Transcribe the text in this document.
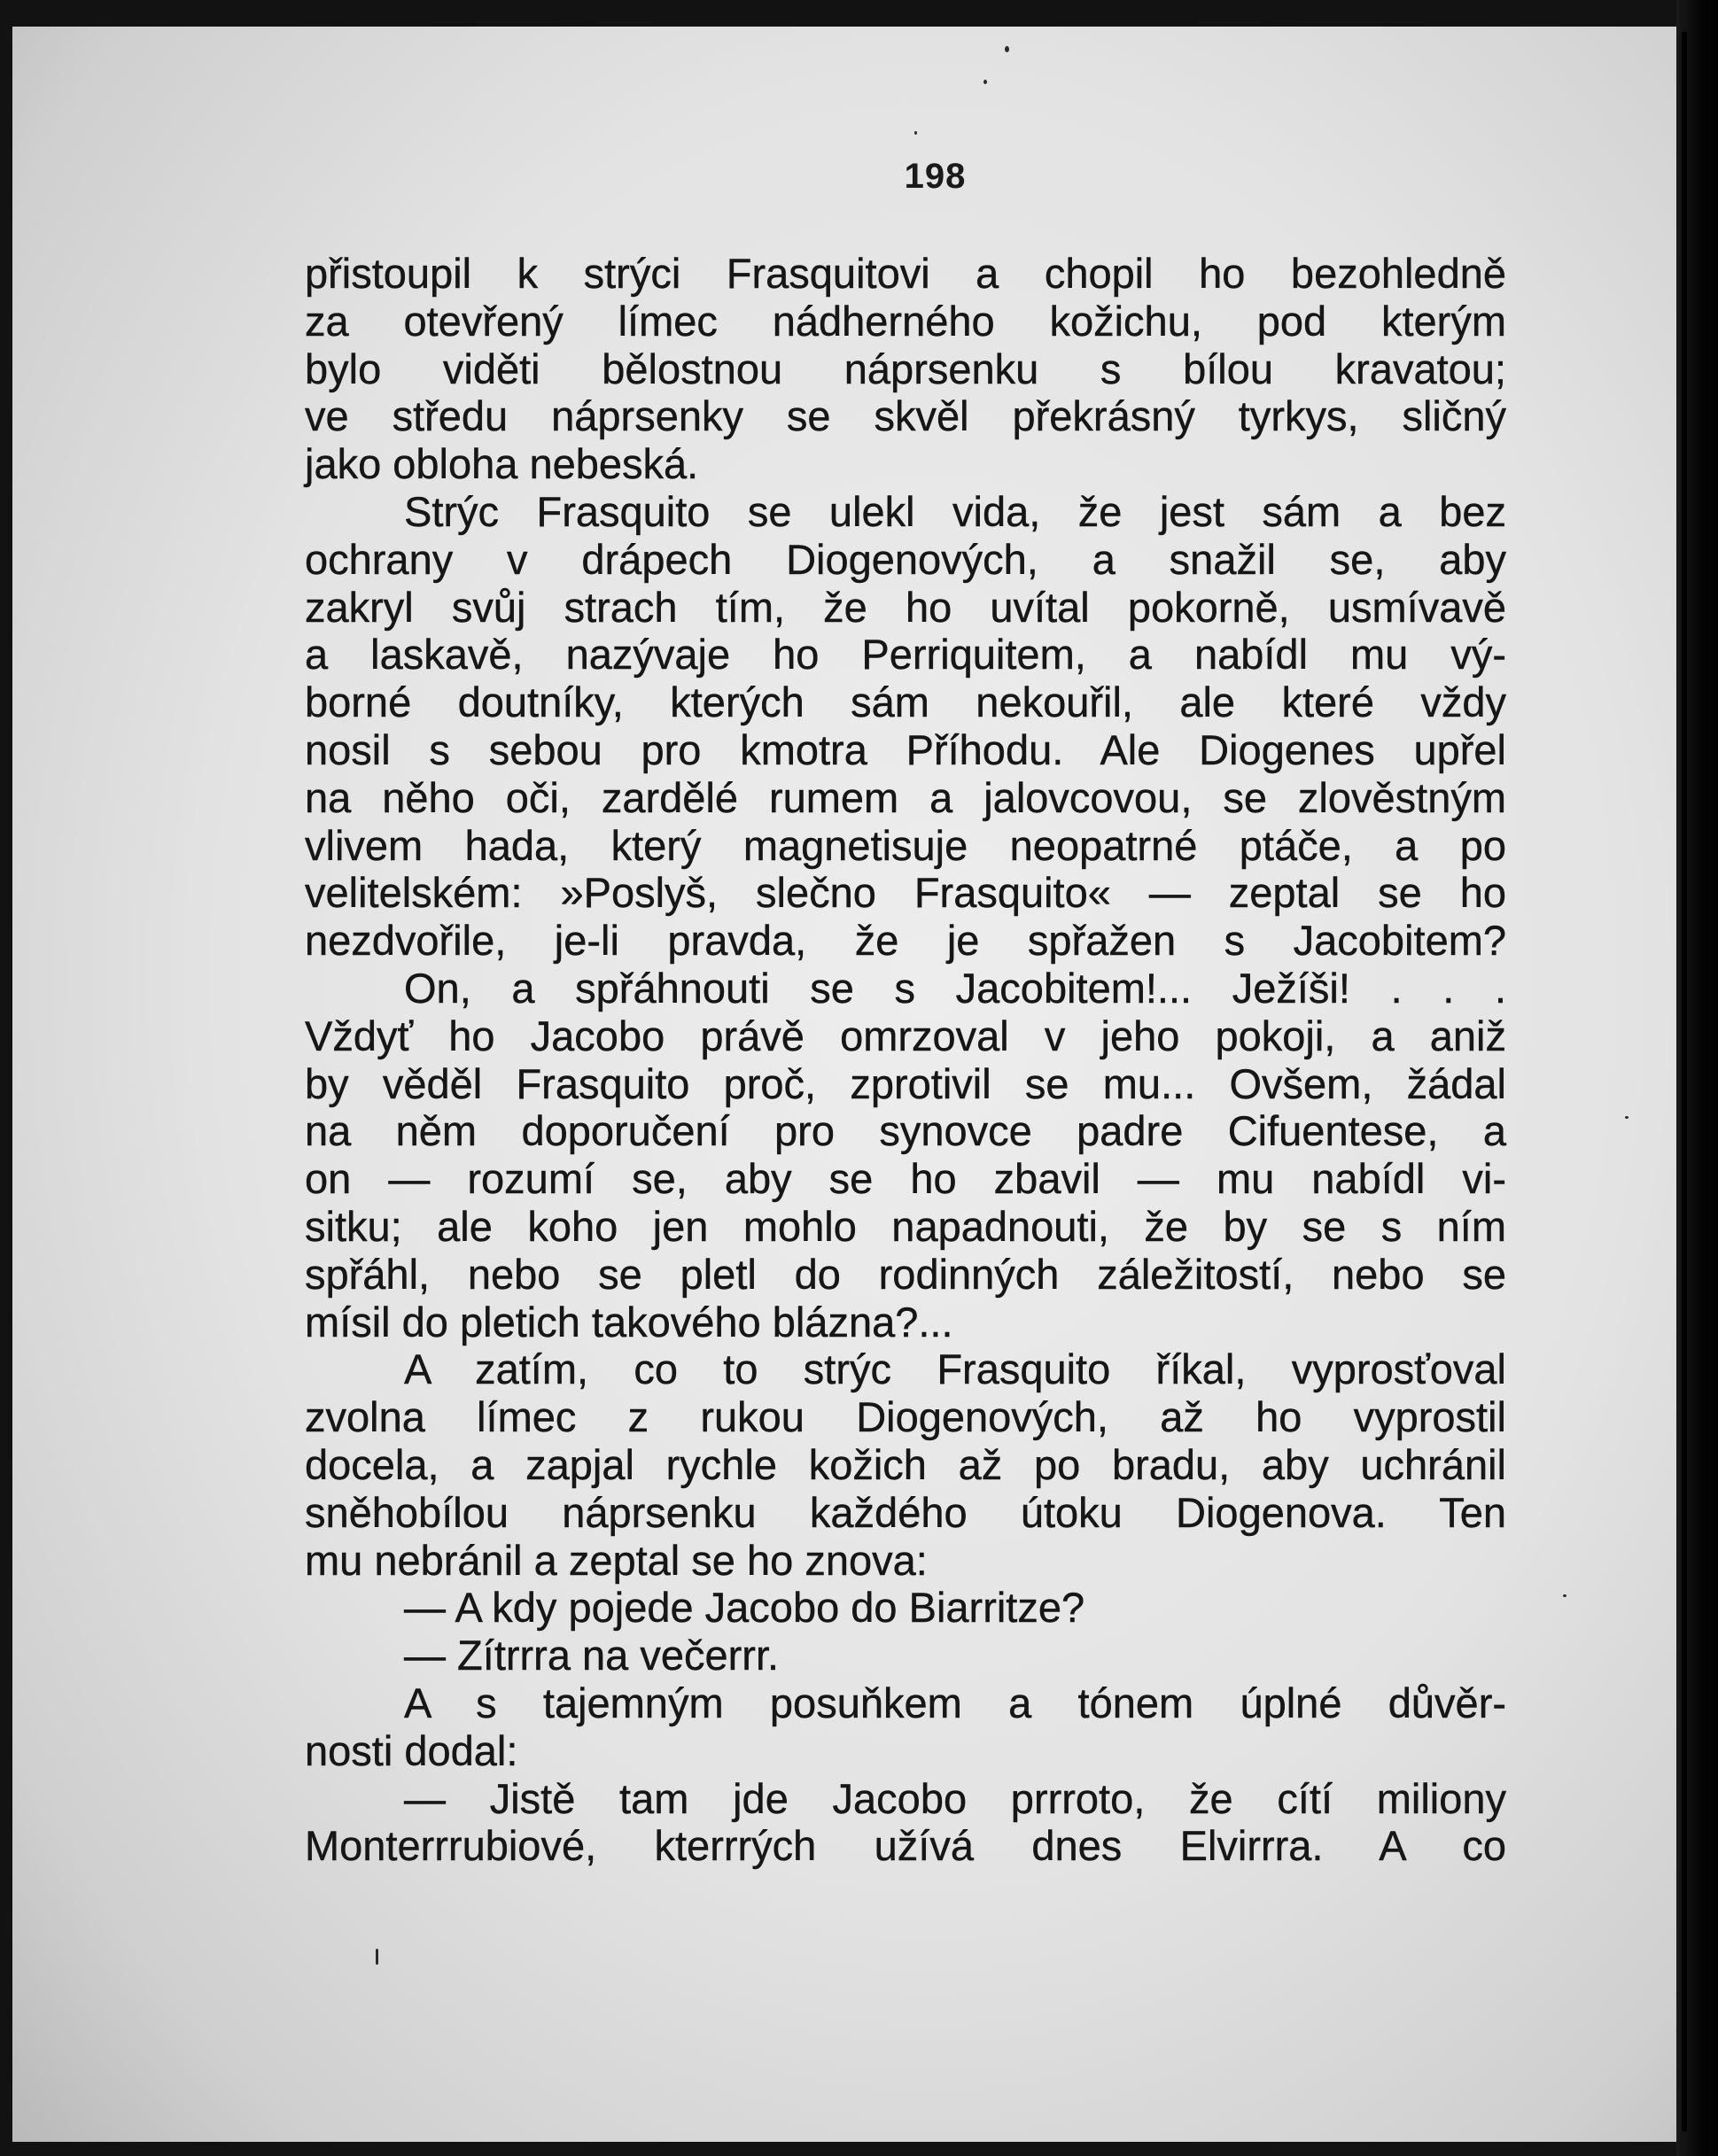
198
přistoupil k strýci Frasquitovi a chopil ho bezohledně
za otevřený límec nádherného kožichu, pod kterým
bylo viděti bělostnou náprsenku s bílou kravatou;
ve středu náprsenky se skvěl překrásný tyrkys, sličný
jako obloha nebeská.
Strýc Frasquito se ulekl vida, že jest sám a bez
ochrany v drápech Diogenových, a snažil se, aby
zakryl svůj strach tím, že ho uvítal pokorně, usmívavě
a laskavě, nazývaje ho Perriquitem, a nabídl mu vý-
borné doutníky, kterých sám nekouřil, ale které vždy
nosil s sebou pro kmotra Příhodu. Ale Diogenes upřel
na něho oči, zardělé rumem a jalovcovou, se zlověstným
vlivem hada, který magnetisuje neopatrné ptáče, a po
velitelském: »Poslyš, slečno Frasquito« — zeptal se ho
nezdvořile, je-li pravda, že je spřažen s Jacobitem?
On, a spřáhnouti se s Jacobitem!... Ježíši! . . .
Vždyť ho Jacobo právě omrzoval v jeho pokoji, a aniž
by věděl Frasquito proč, zprotivil se mu... Ovšem, žádal
na něm doporučení pro synovce padre Cifuentese, a
on — rozumí se, aby se ho zbavil — mu nabídl vi-
sitku; ale koho jen mohlo napadnouti, že by se s ním
spřáhl, nebo se pletl do rodinných záležitostí, nebo se
mísil do pletich takového blázna?...
A zatím, co to strýc Frasquito říkal, vyprosťoval
zvolna límec z rukou Diogenových, až ho vyprostil
docela, a zapjal rychle kožich až po bradu, aby uchránil
sněhobílou náprsenku každého útoku Diogenova. Ten
mu nebránil a zeptal se ho znova:
— A kdy pojede Jacobo do Biarritze?
— Zítrrra na večerrr.
A s tajemným posuňkem a tónem úplné důvěr-
nosti dodal:
— Jistě tam jde Jacobo prrroto, že cítí miliony
Monterrrubiové, kterrrých užívá dnes Elvirrra. A co
